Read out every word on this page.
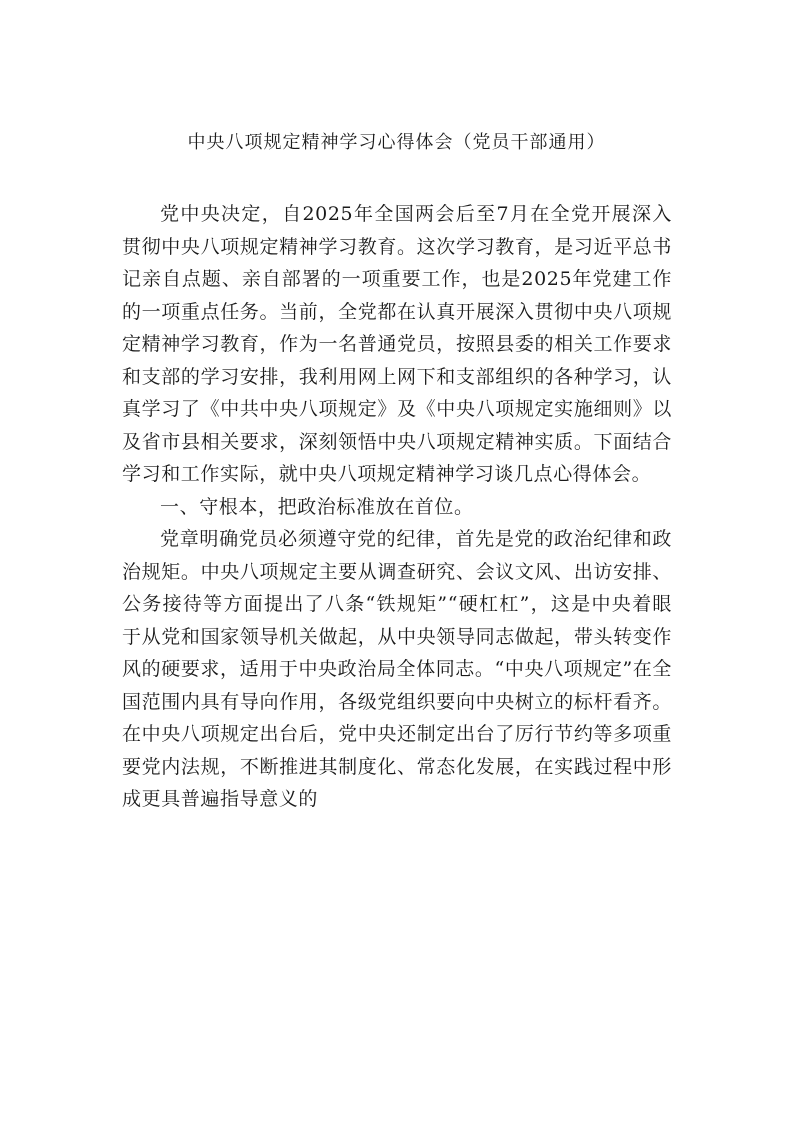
中央八项规定精神学习心得体会（党员干部通用）

党中央决定，自2025年全国两会后至7月在全党开展深入贯彻中央八项规定精神学习教育。这次学习教育，是习近平总书记亲自点题、亲自部署的一项重要工作，也是2025年党建工作的一项重点任务。当前，全党都在认真开展深入贯彻中央八项规定精神学习教育，作为一名普通党员，按照县委的相关工作要求和支部的学习安排，我利用网上网下和支部组织的各种学习，认真学习了《中共中央八项规定》及《中央八项规定实施细则》以及省市县相关要求，深刻领悟中央八项规定精神实质。下面结合学习和工作实际，就中央八项规定精神学习谈几点心得体会。

一、守根本，把政治标准放在首位。

党章明确党员必须遵守党的纪律，首先是党的政治纪律和政治规矩。中央八项规定主要从调查研究、会议文风、出访安排、公务接待等方面提出了八条“铁规矩”“硬杠杠”，这是中央着眼于从党和国家领导机关做起，从中央领导同志做起，带头转变作风的硬要求，适用于中央政治局全体同志。“中央八项规定”在全国范围内具有导向作用，各级党组织要向中央树立的标杆看齐。在中央八项规定出台后，党中央还制定出台了厉行节约等多项重要党内法规，不断推进其制度化、常态化发展，在实践过程中形成更具普遍指导意义的
